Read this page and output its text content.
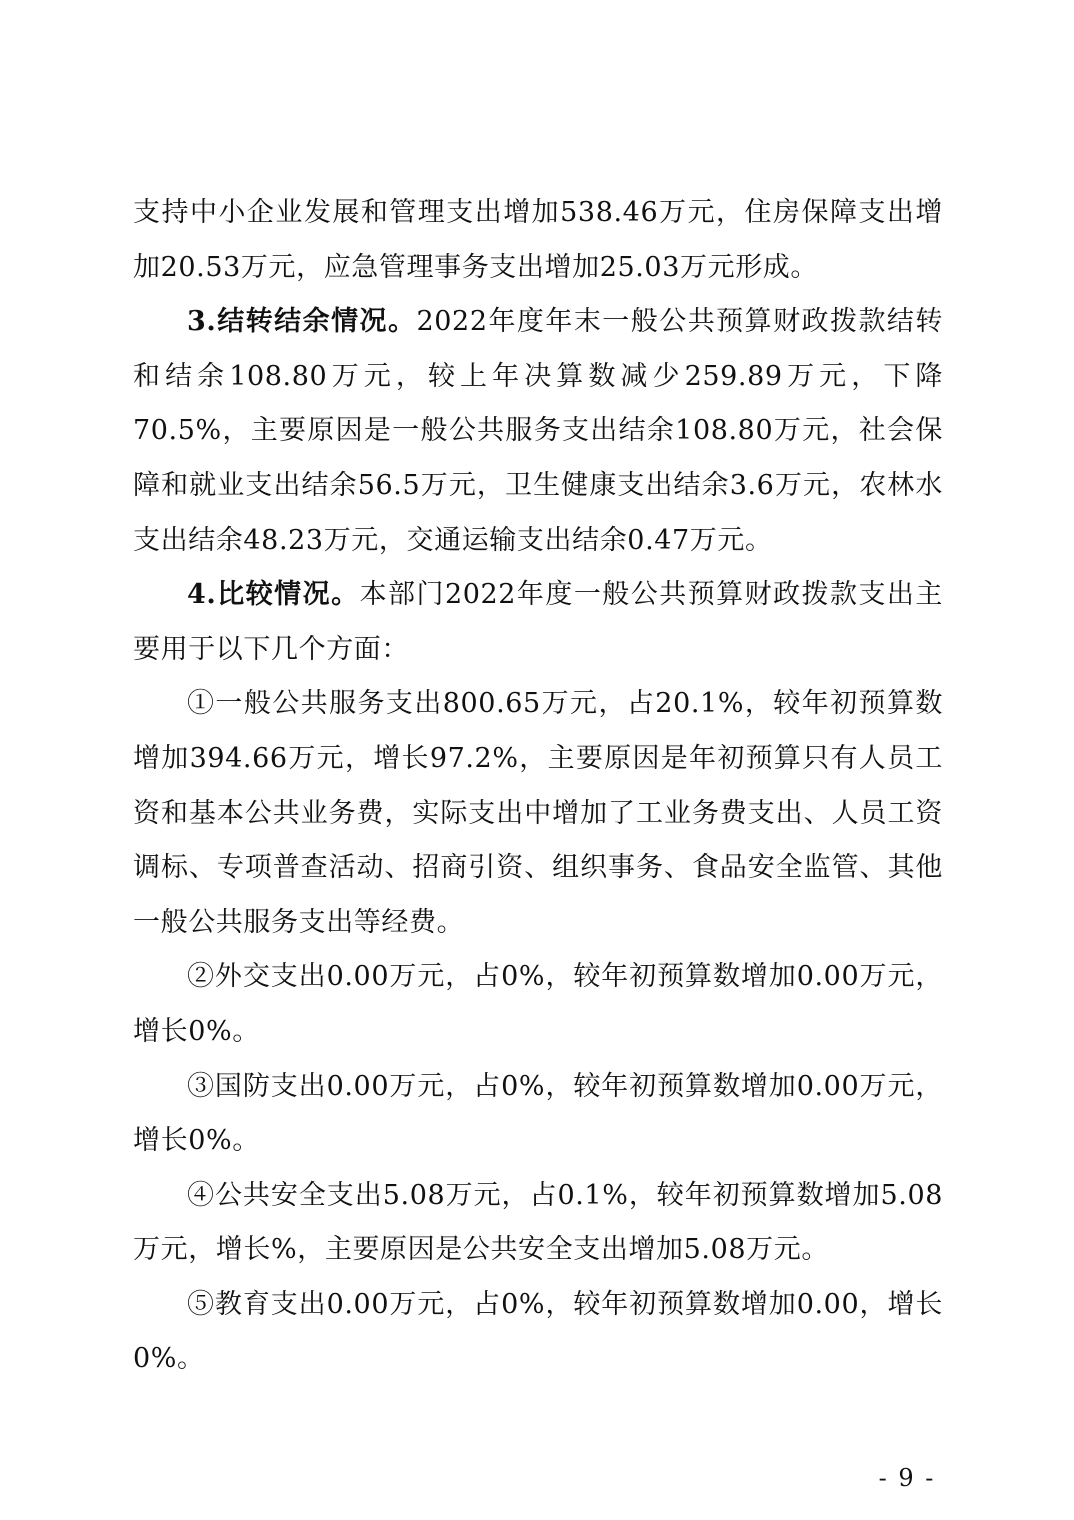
支持中小企业发展和管理支出增加538.46万元，住房保障支出增加20.53万元，应急管理事务支出增加25.03万元形成。

3.结转结余情况。2022年度年末一般公共预算财政拨款结转和结余108.80万元，较上年决算数减少259.89万元，下降70.5%，主要原因是一般公共服务支出结余108.80万元，社会保障和就业支出结余56.5万元，卫生健康支出结余3.6万元，农林水支出结余48.23万元，交通运输支出结余0.47万元。

4.比较情况。本部门2022年度一般公共预算财政拨款支出主要用于以下几个方面：

①一般公共服务支出800.65万元，占20.1%，较年初预算数增加394.66万元，增长97.2%，主要原因是年初预算只有人员工资和基本公共业务费，实际支出中增加了工业务费支出、人员工资调标、专项普查活动、招商引资、组织事务、食品安全监管、其他一般公共服务支出等经费。

②外交支出0.00万元，占0%，较年初预算数增加0.00万元，增长0%。

③国防支出0.00万元，占0%，较年初预算数增加0.00万元，增长0%。

④公共安全支出5.08万元，占0.1%，较年初预算数增加5.08万元，增长%，主要原因是公共安全支出增加5.08万元。

⑤教育支出0.00万元，占0%，较年初预算数增加0.00，增长0%。

- 9 -
